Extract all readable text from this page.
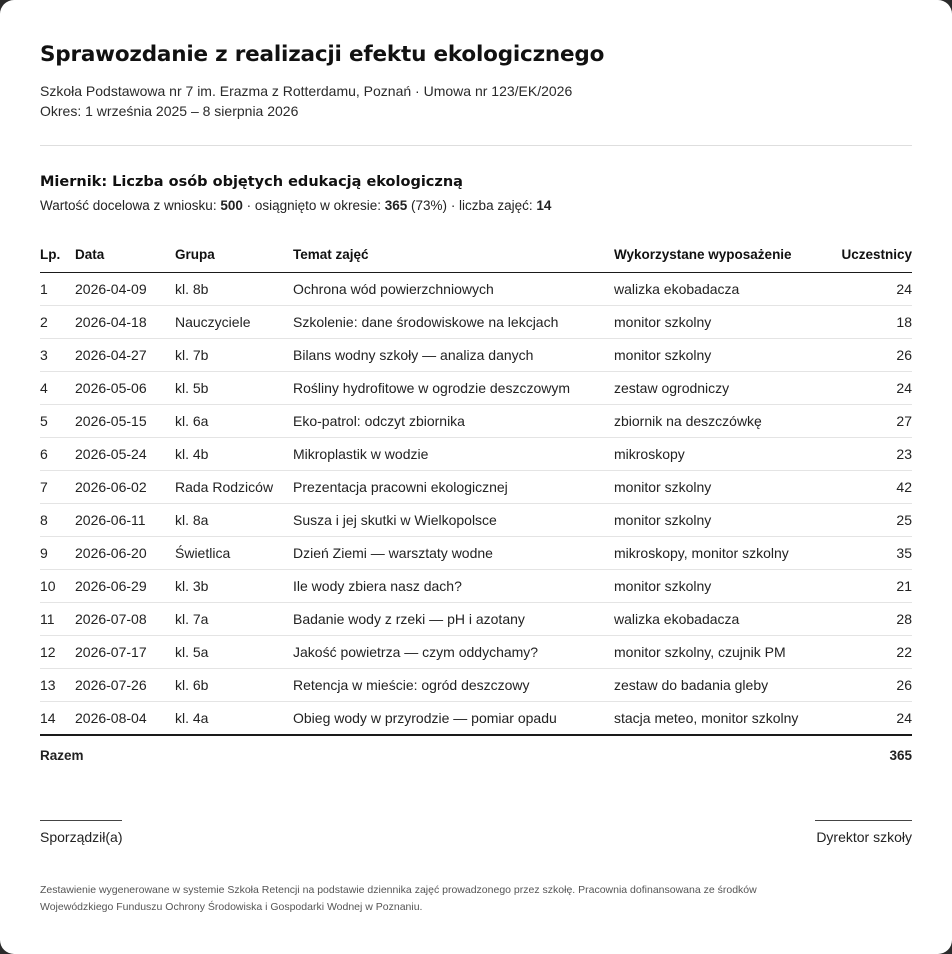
Sprawozdanie z realizacji efektu ekologicznego
Szkoła Podstawowa nr 7 im. Erazma z Rotterdamu, Poznań · Umowa nr 123/EK/2026
Okres: 1 września 2025 – 8 sierpnia 2026
Miernik: Liczba osób objętych edukacją ekologiczną
Wartość docelowa z wniosku: 500 · osiągnięto w okresie: 365 (73%) · liczba zajęć: 14
Lp.	Data	Grupa	Temat zajęć	Wykorzystane wyposażenie	Uczestnicy
1	2026-04-09	kl. 8b	Ochrona wód powierzchniowych	walizka ekobadacza	24
2	2026-04-18	Nauczyciele	Szkolenie: dane środowiskowe na lekcjach	monitor szkolny	18
3	2026-04-27	kl. 7b	Bilans wodny szkoły — analiza danych	monitor szkolny	26
4	2026-05-06	kl. 5b	Rośliny hydrofitowe w ogrodzie deszczowym	zestaw ogrodniczy	24
5	2026-05-15	kl. 6a	Eko-patrol: odczyt zbiornika	zbiornik na deszczówkę	27
6	2026-05-24	kl. 4b	Mikroplastik w wodzie	mikroskopy	23
7	2026-06-02	Rada Rodziców	Prezentacja pracowni ekologicznej	monitor szkolny	42
8	2026-06-11	kl. 8a	Susza i jej skutki w Wielkopolsce	monitor szkolny	25
9	2026-06-20	Świetlica	Dzień Ziemi — warsztaty wodne	mikroskopy, monitor szkolny	35
10	2026-06-29	kl. 3b	Ile wody zbiera nasz dach?	monitor szkolny	21
11	2026-07-08	kl. 7a	Badanie wody z rzeki — pH i azotany	walizka ekobadacza	28
12	2026-07-17	kl. 5a	Jakość powietrza — czym oddychamy?	monitor szkolny, czujnik PM	22
13	2026-07-26	kl. 6b	Retencja w mieście: ogród deszczowy	zestaw do badania gleby	26
14	2026-08-04	kl. 4a	Obieg wody w przyrodzie — pomiar opadu	stacja meteo, monitor szkolny	24
Razem					365
Sporządził(a)	Dyrektor szkoły
Zestawienie wygenerowane w systemie Szkoła Retencji na podstawie dziennika zajęć prowadzonego przez szkołę. Pracownia dofinansowana ze środków
Wojewódzkiego Funduszu Ochrony Środowiska i Gospodarki Wodnej w Poznaniu.
